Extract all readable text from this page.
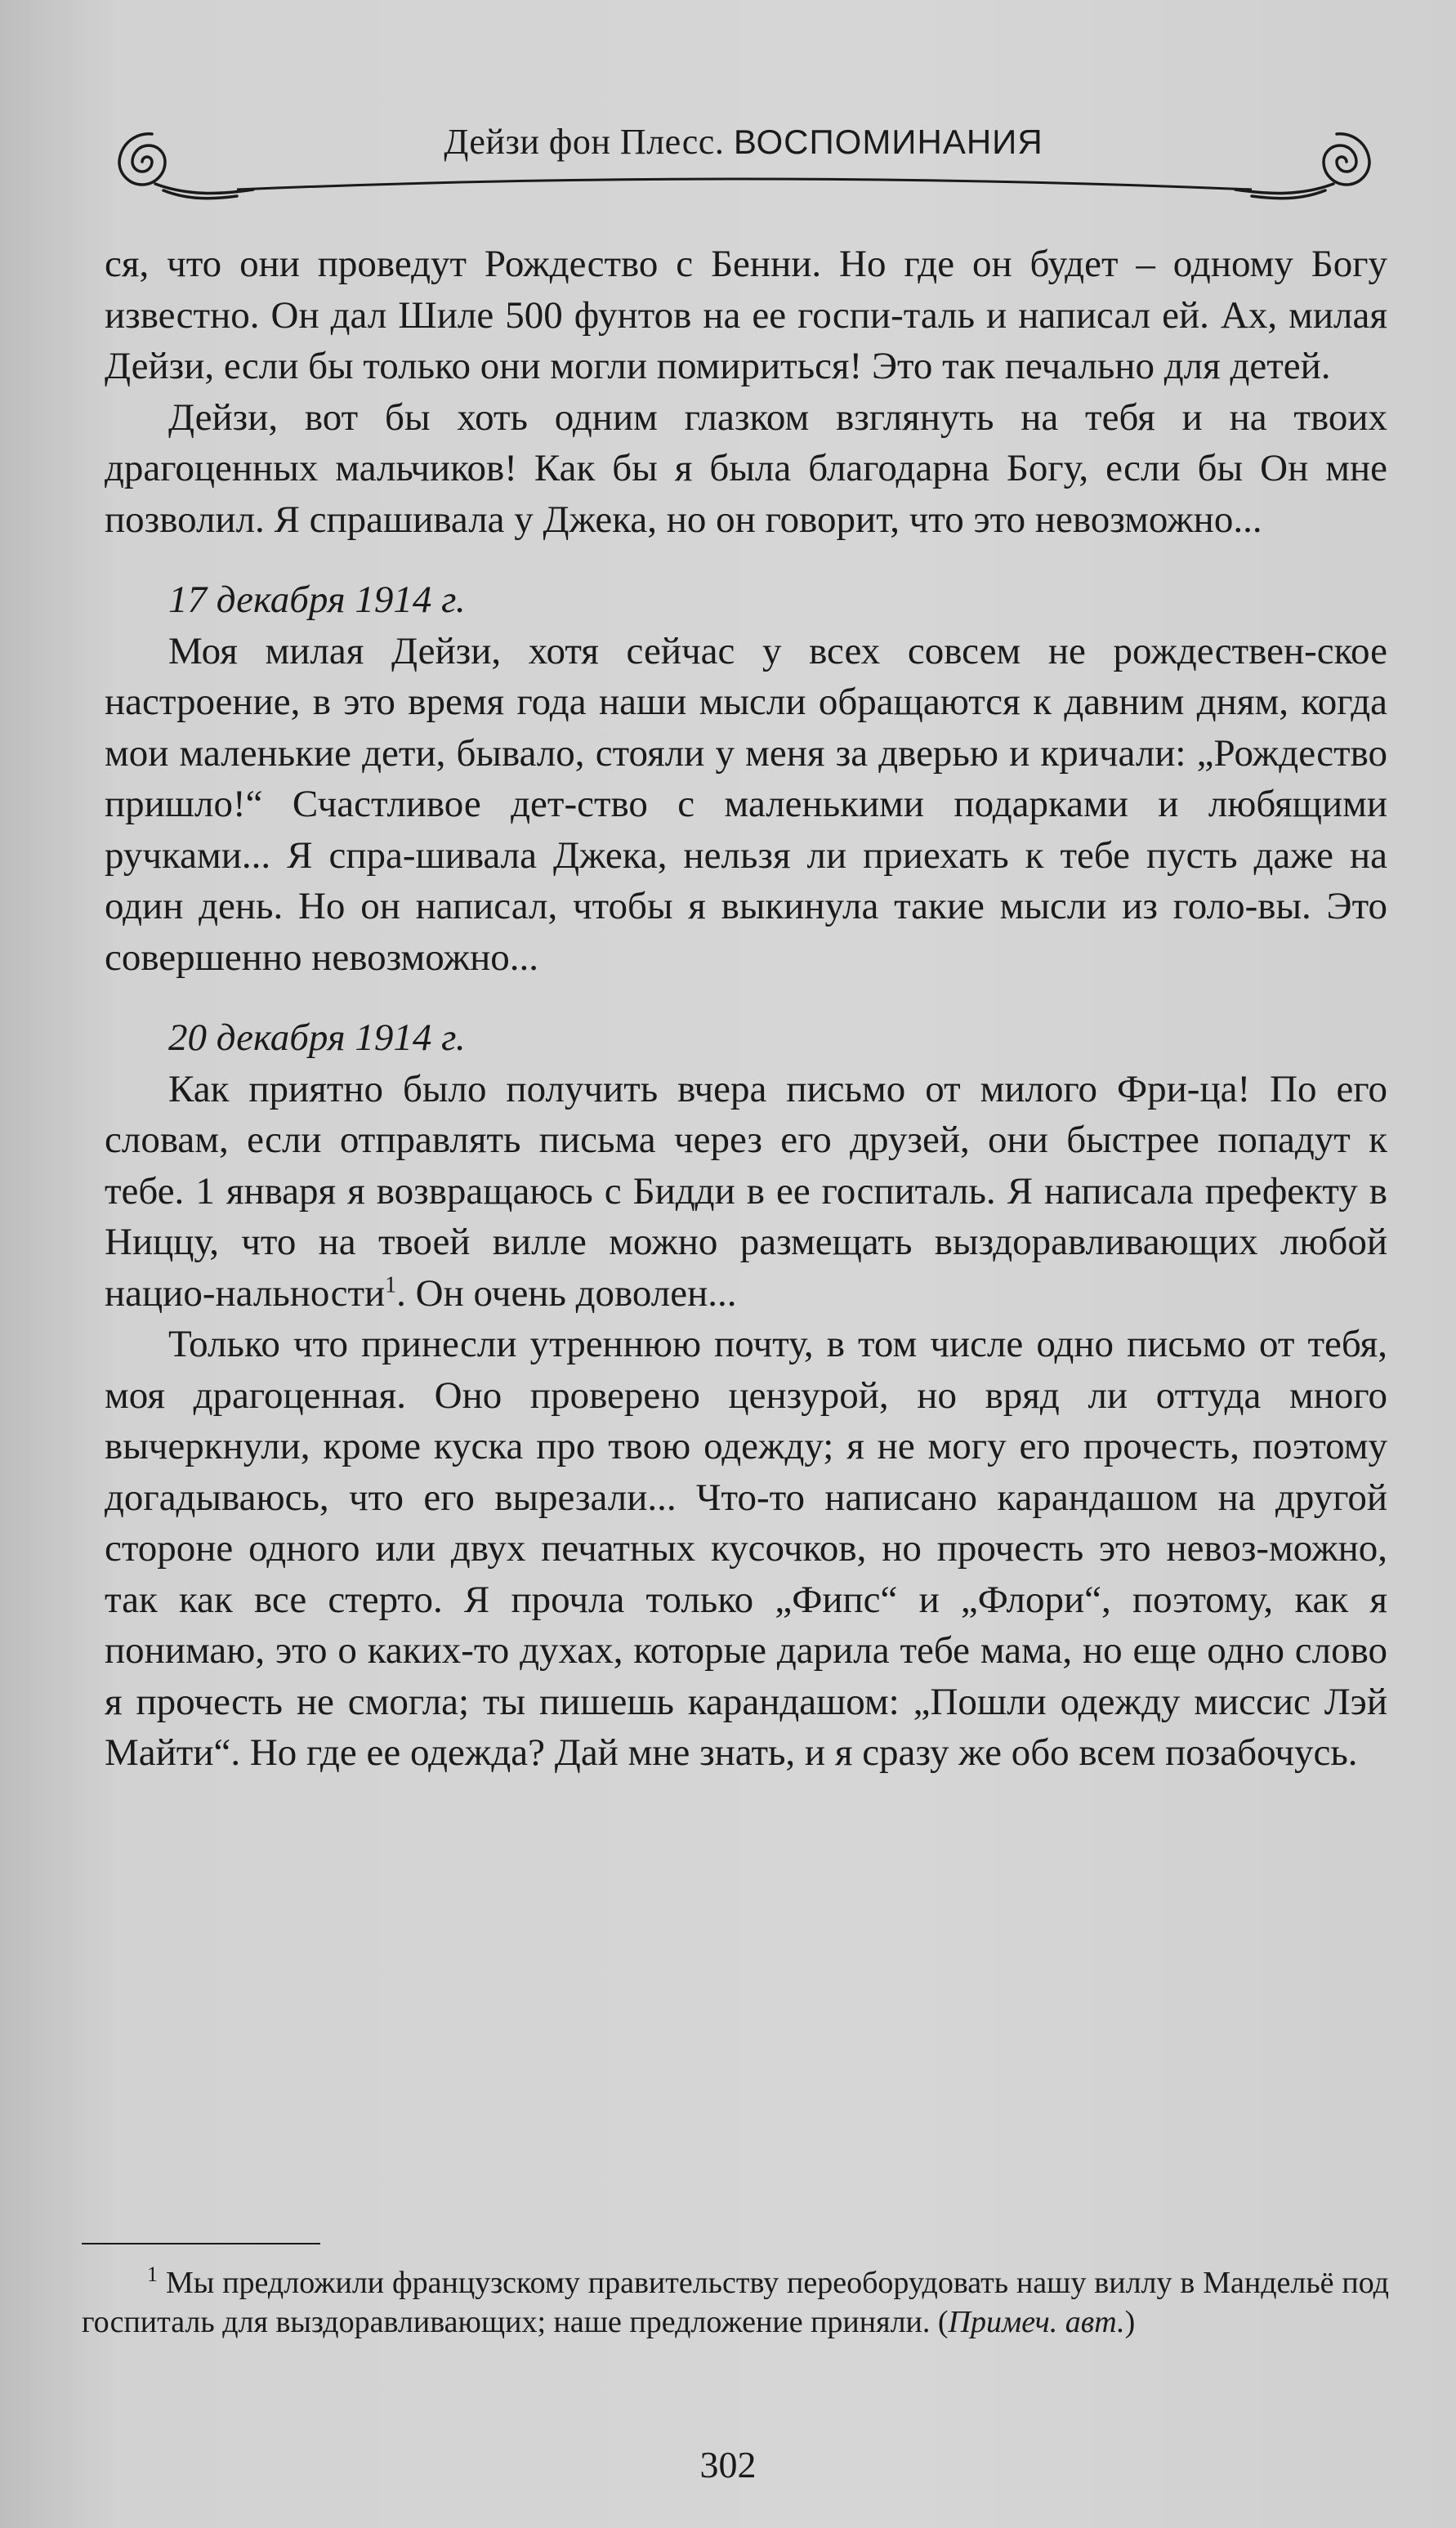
Дейзи фон Плесс. ВОСПОМИНАНИЯ

ся, что они проведут Рождество с Бенни. Но где он будет – одному Богу известно. Он дал Шиле 500 фунтов на ее госпи-таль и написал ей. Ах, милая Дейзи, если бы только они могли помириться! Это так печально для детей.

Дейзи, вот бы хоть одним глазком взглянуть на тебя и на твоих драгоценных мальчиков! Как бы я была благодарна Богу, если бы Он мне позволил. Я спрашивала у Джека, но он говорит, что это невозможно...

17 декабря 1914 г.

Моя милая Дейзи, хотя сейчас у всех совсем не рождествен-ское настроение, в это время года наши мысли обращаются к давним дням, когда мои маленькие дети, бывало, стояли у меня за дверью и кричали: „Рождество пришло!“ Счастливое дет-ство с маленькими подарками и любящими ручками... Я спра-шивала Джека, нельзя ли приехать к тебе пусть даже на один день. Но он написал, чтобы я выкинула такие мысли из голо-вы. Это совершенно невозможно...

20 декабря 1914 г.

Как приятно было получить вчера письмо от милого Фри-ца! По его словам, если отправлять письма через его друзей, они быстрее попадут к тебе. 1 января я возвращаюсь с Бидди в ее госпиталь. Я написала префекту в Ниццу, что на твоей вилле можно размещать выздоравливающих любой нацио-нальности$^1$. Он очень доволен...

Только что принесли утреннюю почту, в том числе одно письмо от тебя, моя драгоценная. Оно проверено цензурой, но вряд ли оттуда много вычеркнули, кроме куска про твою одежду; я не могу его прочесть, поэтому догадываюсь, что его вырезали... Что-то написано карандашом на другой стороне одного или двух печатных кусочков, но прочесть это невоз-можно, так как все стерто. Я прочла только „Фипс“ и „Флори“, поэтому, как я понимаю, это о каких-то духах, которые дарила тебе мама, но еще одно слово я прочесть не смогла; ты пишешь карандашом: „Пошли одежду миссис Лэй Майти“. Но где ее одежда? Дай мне знать, и я сразу же обо всем позабочусь.

$^1$ Мы предложили французскому правительству переоборудовать нашу виллу в Мандельё под госпиталь для выздоравливающих; наше предложение приняли. (Примеч. авт.)
302
